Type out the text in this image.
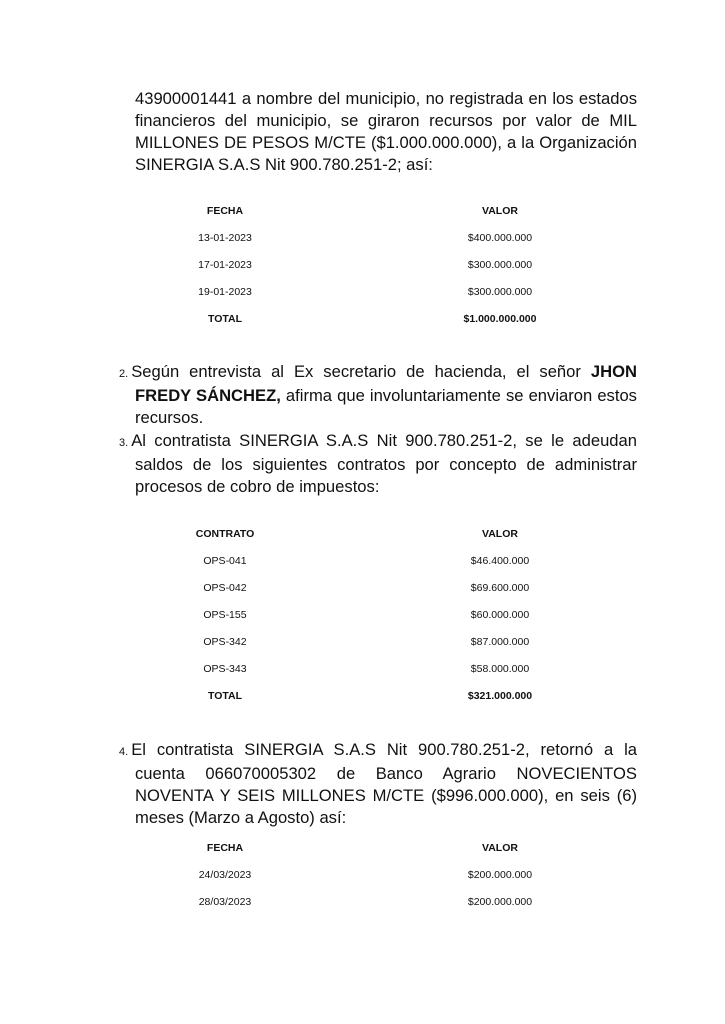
43900001441 a nombre del municipio, no registrada en los estados financieros del municipio, se giraron recursos por valor de MIL MILLONES DE PESOS M/CTE ($1.000.000.000), a la Organización SINERGIA S.A.S Nit 900.780.251-2; así:

FECHA	VALOR
13-01-2023	$400.000.000
17-01-2023	$300.000.000
19-01-2023	$300.000.000
TOTAL	$1.000.000.000

2. Según entrevista al Ex secretario de hacienda, el señor JHON FREDY SÁNCHEZ, afirma que involuntariamente se enviaron estos recursos.

3. Al contratista SINERGIA S.A.S Nit 900.780.251-2, se le adeudan saldos de los siguientes contratos por concepto de administrar procesos de cobro de impuestos:

CONTRATO	VALOR
OPS-041	$46.400.000
OPS-042	$69.600.000
OPS-155	$60.000.000
OPS-342	$87.000.000
OPS-343	$58.000.000
TOTAL	$321.000.000

4. El contratista SINERGIA S.A.S Nit 900.780.251-2, retornó a la cuenta 066070005302 de Banco Agrario NOVECIENTOS NOVENTA Y SEIS MILLONES M/CTE ($996.000.000), en seis (6) meses (Marzo a Agosto) así:

FECHA	VALOR
24/03/2023	$200.000.000
28/03/2023	$200.000.000
